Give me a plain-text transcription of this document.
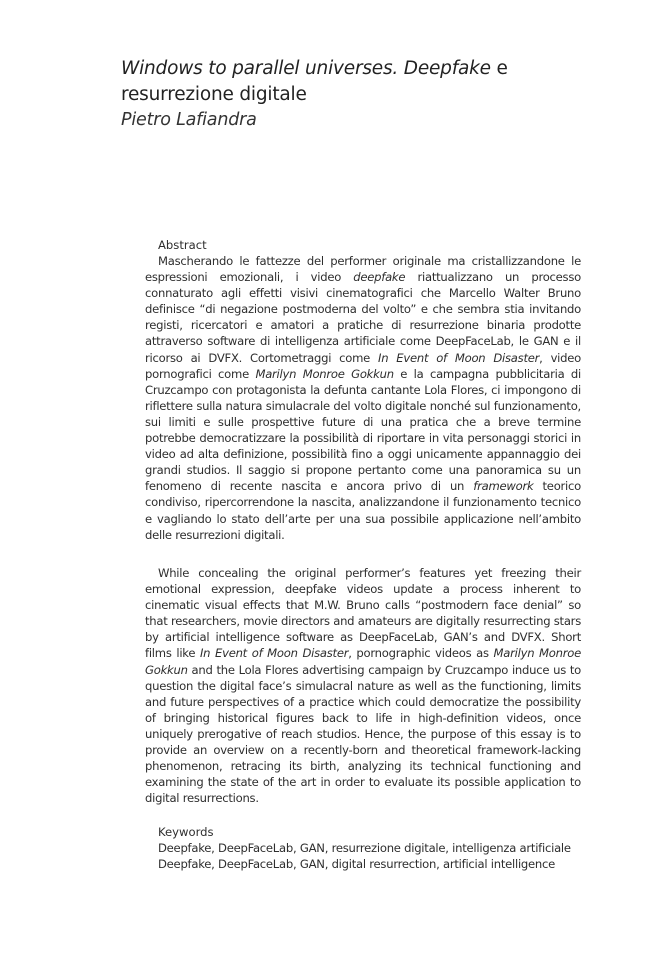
Windows to parallel universes. Deepfake e resurrezione digitale
Pietro Lafiandra
Abstract

Mascherando le fattezze del performer originale ma cristallizzandone le espressioni emozionali, i video deepfake riattualizzano un processo connaturato agli effetti visivi cinematografici che Marcello Walter Bruno definisce “di negazione postmoderna del volto” e che sembra stia invitando registi, ricercatori e amatori a pratiche di resurrezione binaria prodotte attraverso software di intelligenza artificiale come DeepFaceLab, le GAN e il ricorso ai DVFX. Cortometraggi come In Event of Moon Disaster, video pornografici come Marilyn Monroe Gokkun e la campagna pubblicitaria di Cruzcampo con protagonista la defunta cantante Lola Flores, ci impongono di riflettere sulla natura simulacrale del volto digitale nonché sul funzionamento, sui limiti e sulle prospettive future di una pratica che a breve termine potrebbe democratizzare la possibilità di riportare in vita personaggi storici in video ad alta definizione, possibilità fino a oggi unicamente appannaggio dei grandi studios. Il saggio si propone pertanto come una panoramica su un fenomeno di recente nascita e ancora privo di un framework teorico condiviso, ripercorrendone la nascita, analizzandone il funzionamento tecnico e vagliando lo stato dell’arte per una sua possibile applicazione nell’ambito delle resurrezioni digitali.

While concealing the original performer’s features yet freezing their emotional expression, deepfake videos update a process inherent to cinematic visual effects that M.W. Bruno calls “postmodern face denial” so that researchers, movie directors and amateurs are digitally resurrecting stars by artificial intelligence software as DeepFaceLab, GAN’s and DVFX. Short films like In Event of Moon Disaster, pornographic videos as Marilyn Monroe Gokkun and the Lola Flores advertising campaign by Cruzcampo induce us to question the digital face’s simulacral nature as well as the functioning, limits and future perspectives of a practice which could democratize the possibility of bringing historical figures back to life in high-definition videos, once uniquely prerogative of reach studios. Hence, the purpose of this essay is to provide an overview on a recently-born and theoretical framework-lacking phenomenon, retracing its birth, analyzing its technical functioning and examining the state of the art in order to evaluate its possible application to digital resurrections.

Keywords
Deepfake, DeepFaceLab, GAN, resurrezione digitale, intelligenza artificiale
Deepfake, DeepFaceLab, GAN, digital resurrection, artificial intelligence
